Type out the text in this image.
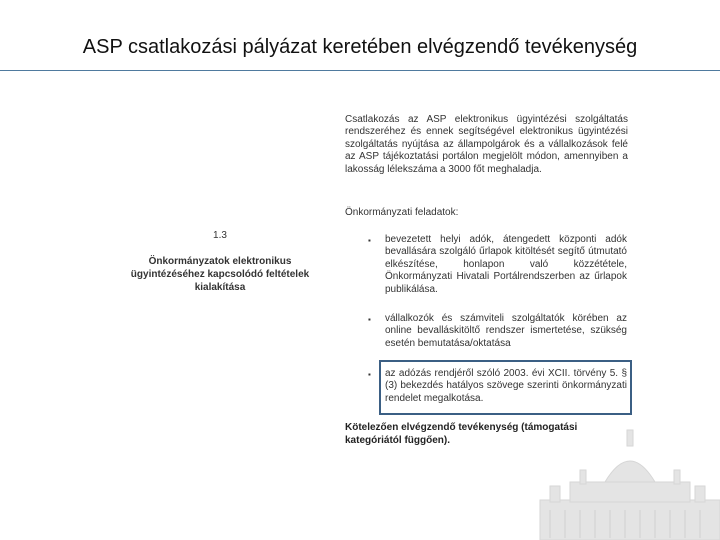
ASP csatlakozási pályázat keretében elvégzendő tevékenység
1.3
Önkormányzatok elektronikus ügyintézéséhez kapcsolódó feltételek kialakítása
Csatlakozás az ASP elektronikus ügyintézési szolgáltatás rendszeréhez és ennek segítségével elektronikus ügyintézési szolgáltatás nyújtása az állampolgárok és a vállalkozások felé az ASP tájékoztatási portálon megjelölt módon, amennyiben a lakosság lélekszáma a 3000 főt meghaladja.
Önkormányzati feladatok:
▪ bevezetett helyi adók, átengedett központi adók bevallására szolgáló űrlapok kitöltését segítő útmutató elkészítése, honlapon való közzététele, Önkormányzati Hivatali Portálrendszerben az űrlapok publikálása.
▪ vállalkozók és számviteli szolgáltatók körében az online bevalláskitöltő rendszer ismertetése, szükség esetén bemutatása/oktatása
▪ az adózás rendjéről szóló 2003. évi XCII. törvény 5. § (3) bekezdés hatályos szövege szerinti önkormányzati rendelet megalkotása.
Kötelezően elvégzendő tevékenység (támogatási kategóriától függően).
